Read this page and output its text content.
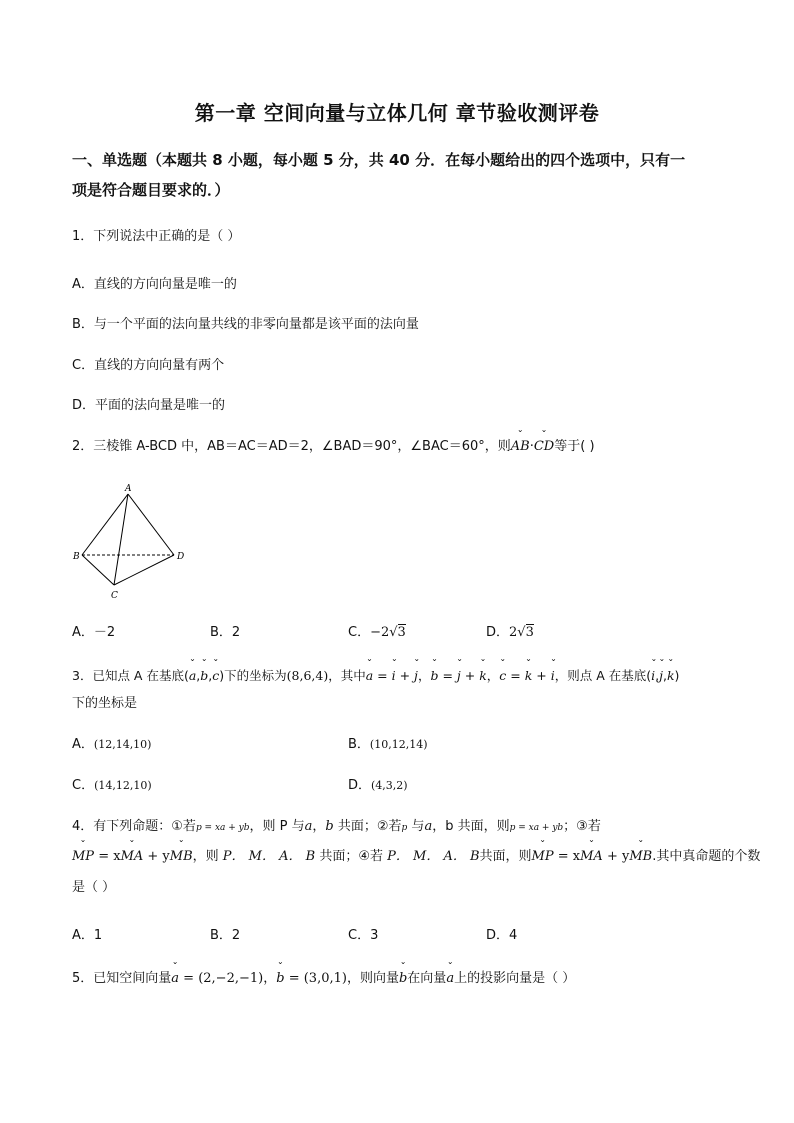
第一章 空间向量与立体几何 章节验收测评卷
一、单选题（本题共 8 小题，每小题 5 分，共 40 分．在每小题给出的四个选项中，只有一
项是符合题目要求的．）
1．下列说法中正确的是（ ）
A．直线的方向向量是唯一的
B．与一个平面的法向量共线的非零向量都是该平面的法向量
C．直线的方向向量有两个
D．平面的法向量是唯一的
2．三棱锥 A-BCD 中，AB＝AC＝AD＝2，∠BAD＝90°，∠BAC＝60°，则ˇ AB·ˇ CD等于( )
A
B
C
D
A．－2	B．2	C．−2√3	D．2√3
3．已知点 A 在基底(ˇ a,ˇ b,ˇ c)下的坐标为(8,6,4)，其中ˇ a = ˇ i + ˇ j，ˇ b = ˇ j + ˇ k，ˇ c = ˇ k + ˇ i，则点 A 在基底(ˇ i,ˇ j,ˇ k)
下的坐标是
A．(12,14,10)	B．(10,12,14)
C．(14,12,10)	D．(4,3,2)
4．有下列命题：①若p = xa + yb，则 P 与a，b 共面；②若p 与a，b 共面，则p = xa + yb；③若
ˇ MP = xˇ MA + yˇ MB，则 P． M． A． B 共面；④若 P． M． A． B共面，则ˇ MP = xˇ MA + yˇ MB.其中真命题的个数
是（ ）
A．1	B．2	C．3	D．4
5．已知空间向量ˇ a = (2,−2,−1)，ˇ b = (3,0,1)，则向量ˇ b在向量ˇ a上的投影向量是（ ）
